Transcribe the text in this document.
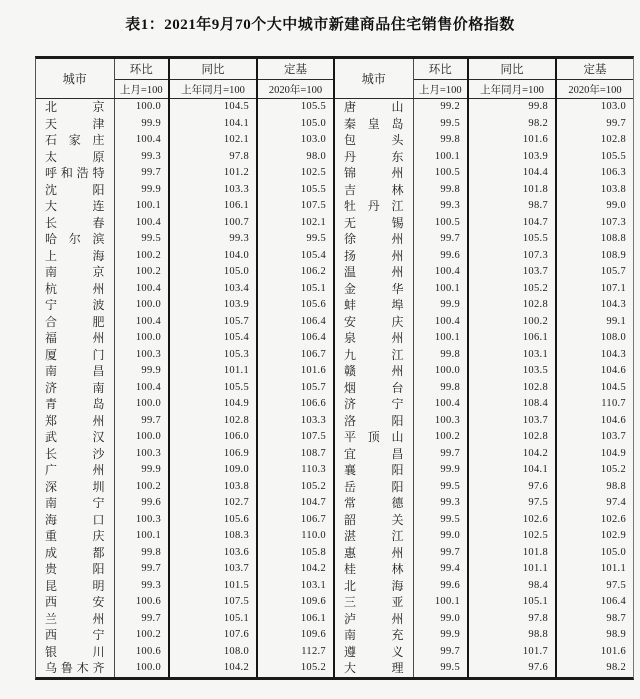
表1：2021年9月70个大中城市新建商品住宅销售价格指数
城市	环比	同比	定基
	上月=100	上年同月=100	2020年=100
北京	100.0	104.5	105.5
天津	99.9	104.1	105.0
石家庄	100.4	102.1	103.0
太原	99.3	97.8	98.0
呼和浩特	99.7	101.2	102.5
沈阳	99.9	103.3	105.5
大连	100.1	106.1	107.5
长春	100.4	100.7	102.1
哈尔滨	99.5	99.3	99.5
上海	100.2	104.0	105.4
南京	100.2	105.0	106.2
杭州	100.4	103.4	105.1
宁波	100.0	103.9	105.6
合肥	100.4	105.7	106.4
福州	100.0	105.4	106.4
厦门	100.3	105.3	106.7
南昌	99.9	101.1	101.6
济南	100.4	105.5	105.7
青岛	100.0	104.9	106.6
郑州	99.7	102.8	103.3
武汉	100.0	106.0	107.5
长沙	100.3	106.9	108.7
广州	99.9	109.0	110.3
深圳	100.2	103.8	105.2
南宁	99.6	102.7	104.7
海口	100.3	105.6	106.7
重庆	100.1	108.3	110.0
成都	99.8	103.6	105.8
贵阳	99.7	103.7	104.2
昆明	99.3	101.5	103.1
西安	100.6	107.5	109.6
兰州	99.7	105.1	106.1
西宁	100.2	107.6	109.6
银川	100.6	108.0	112.7
乌鲁木齐	100.0	104.2	105.2
城市	环比	同比	定基
	上月=100	上年同月=100	2020年=100
唐山	99.2	99.8	103.0
秦皇岛	99.5	98.2	99.7
包头	99.8	101.6	102.8
丹东	100.1	103.9	105.5
锦州	100.5	104.4	106.3
吉林	99.8	101.8	103.8
牡丹江	99.3	98.7	99.0
无锡	100.5	104.7	107.3
徐州	99.7	105.5	108.8
扬州	99.6	107.3	108.9
温州	100.4	103.7	105.7
金华	100.1	105.2	107.1
蚌埠	99.9	102.8	104.3
安庆	100.4	100.2	99.1
泉州	100.1	106.1	108.0
九江	99.8	103.1	104.3
赣州	100.0	103.5	104.6
烟台	99.8	102.8	104.5
济宁	100.4	108.4	110.7
洛阳	100.3	103.7	104.6
平顶山	100.2	102.8	103.7
宜昌	99.7	104.2	104.9
襄阳	99.9	104.1	105.2
岳阳	99.5	97.6	98.8
常德	99.3	97.5	97.4
韶关	99.5	102.6	102.6
湛江	99.0	102.5	102.9
惠州	99.7	101.8	105.0
桂林	99.4	101.1	101.1
北海	99.6	98.4	97.5
三亚	100.1	105.1	106.4
泸州	99.0	97.8	98.7
南充	99.9	98.8	98.9
遵义	99.7	101.7	101.6
大理	99.5	97.6	98.2
